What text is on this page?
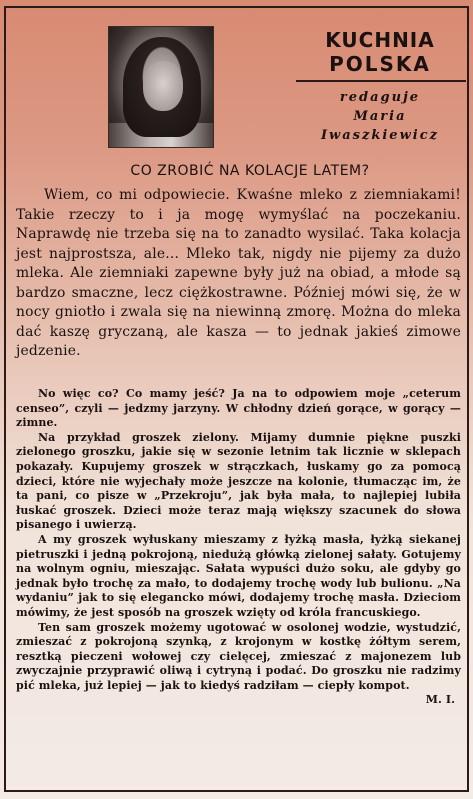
KUCHNIA
POLSKA
redaguje
Maria
Iwaszkiewicz
CO ZROBIĆ NA KOLACJE LATEM?

Wiem, co mi odpowiecie. Kwaśne mleko z ziemniakami! Takie rzeczy to i ja mogę wymyślać na poczekaniu. Naprawdę nie trzeba się na to zanadto wysilać. Taka kolacja jest najprostsza, ale... Mleko tak, nigdy nie pijemy za dużo mleka. Ale ziemniaki zapewne były już na obiad, a młode są bardzo smaczne, lecz ciężkostrawne. Później mówi się, że w nocy gniotło i zwala się na niewinną zmorę. Można do mleka dać kaszę gryczaną, ale kasza — to jednak jakieś zimowe jedzenie.

No więc co? Co mamy jeść? Ja na to odpowiem moje „ceterum censeo”, czyli — jedzmy jarzyny. W chłodny dzień gorące, w gorący — zimne.

Na przykład groszek zielony. Mijamy dumnie piękne puszki zielonego groszku, jakie się w sezonie letnim tak licznie w sklepach pokazały. Kupujemy groszek w strączkach, łuskamy go za pomocą dzieci, które nie wyjechały może jeszcze na kolonie, tłumacząc im, że ta pani, co pisze w „Przekroju”, jak była mała, to najlepiej lubiła łuskać groszek. Dzieci może teraz mają większy szacunek do słowa pisanego i uwierzą.

A my groszek wyłuskany mieszamy z łyżką masła, łyżką siekanej pietruszki i jedną pokrojoną, niedużą główką zielonej sałaty. Gotujemy na wolnym ogniu, mieszając. Sałata wypuści dużo soku, ale gdyby go jednak było trochę za mało, to dodajemy trochę wody lub bulionu. „Na wydaniu” jak to się elegancko mówi, dodajemy trochę masła. Dzieciom mówimy, że jest sposób na groszek wzięty od króla francuskiego.

Ten sam groszek możemy ugotować w osolonej wodzie, wystudzić, zmieszać z pokrojoną szynką, z krojonym w kostkę żółtym serem, resztką pieczeni wołowej czy cielęcej, zmieszać z majonezem lub zwyczajnie przyprawić oliwą i cytryną i podać. Do groszku nie radzimy pić mleka, już lepiej — jak to kiedyś radziłam — ciepły kompot.
M. I.
